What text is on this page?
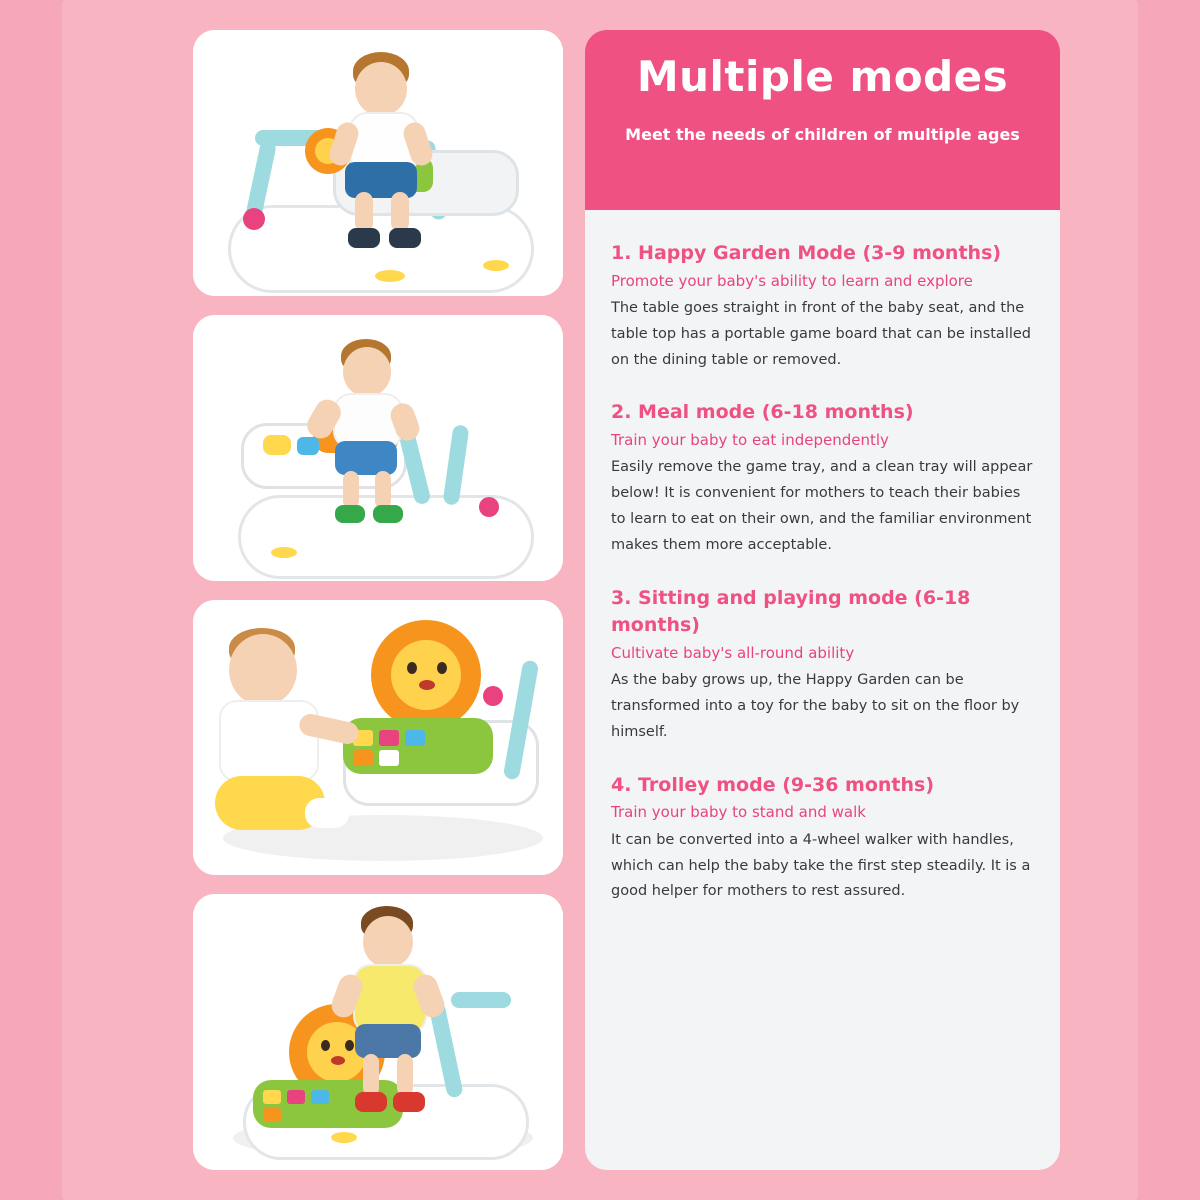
Multiple modes
Meet the needs of children of multiple ages
1. Happy Garden Mode (3-9 months)
Promote your baby's ability to learn and explore
The table goes straight in front of the baby seat, and the table top has a portable game board that can be installed on the dining table or removed.
2. Meal mode (6-18 months)
Train your baby to eat independently
Easily remove the game tray, and a clean tray will appear below! It is convenient for mothers to teach their babies to learn to eat on their own, and the familiar environment makes them more acceptable.
3. Sitting and playing mode (6-18 months)
Cultivate baby's all-round ability
As the baby grows up, the Happy Garden can be transformed into a toy for the baby to sit on the floor by himself.
4. Trolley mode (9-36 months)
Train your baby to stand and walk
It can be converted into a 4-wheel walker with handles, which can help the baby take the first step steadily. It is a good helper for mothers to rest assured.
